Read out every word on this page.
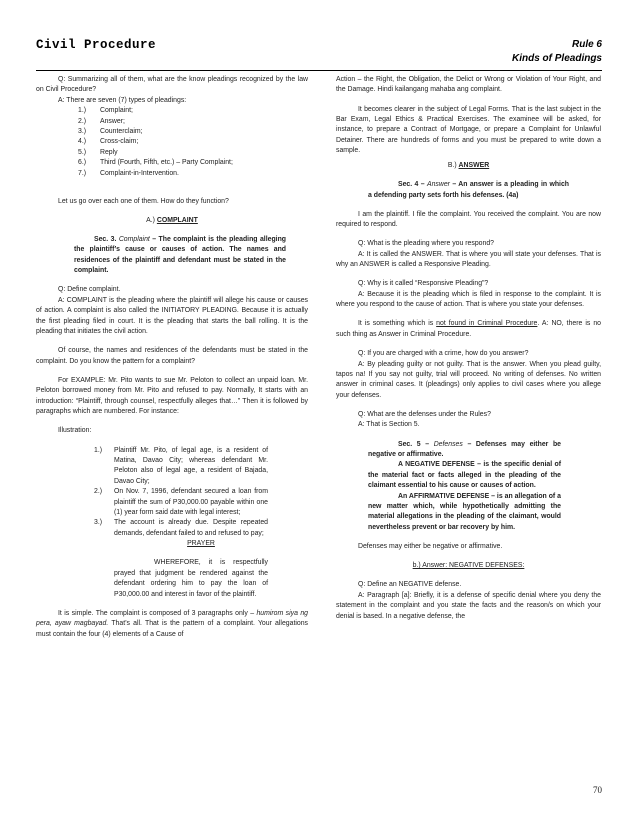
Civil Procedure	Rule 6
Kinds of Pleadings

Q: Summarizing all of them, what are the know pleadings recognized by the law on Civil Procedure?

A: There are seven (7) types of pleadings:

1.)	Complaint;
2.)	Answer;
3.)	Counterclaim;
4.)	Cross-claim;
5.)	Reply
6.)	Third (Fourth, Fifth, etc.) – Party Complaint;
7.)	Complaint-in-Intervention.

Let us go over each one of them. How do they function?

A.) COMPLAINT

Sec. 3. Complaint – The complaint is the pleading alleging the plaintiff’s cause or causes of action. The names and residences of the plaintiff and defendant must be stated in the complaint.

Q: Define complaint.

A: COMPLAINT is the pleading where the plaintiff will allege his cause or causes of action. A complaint is also called the INITIATORY PLEADING. Because it is actually the first pleading filed in court. It is the pleading that starts the ball rolling. It is the pleading that initiates the civil action.

Of course, the names and residences of the defendants must be stated in the complaint. Do you know the pattern for a complaint?

For EXAMPLE: Mr. Pito wants to sue Mr. Peloton to collect an unpaid loan. Mr. Peloton borrowed money from Mr. Pito and refused to pay. Normally, It starts with an introduction: “Plaintiff, through counsel, respectfully alleges that…” Then it is followed by paragraphs which are numbered. For instance:

Illustration:

1.)	Plaintiff Mr. Pito, of legal age, is a resident of Matina, Davao City; whereas defendant Mr. Peloton also of legal age, a resident of Bajada, Davao City;
2.)	On Nov. 7, 1996, defendant secured a loan from plaintiff the sum of P30,000.00 payable within one (1) year form said date with legal interest;
3.)	The account is already due. Despite repeated demands, defendant failed to and refused to pay;

PRAYER

WHEREFORE, it is respectfully prayed that judgment be rendered against the defendant ordering him to pay the loan of P30,000.00 and interest in favor of the plaintiff.

It is simple. The complaint is composed of 3 paragraphs only – humirom siya ng pera, ayaw magbayad. That’s all. That is the pattern of a complaint. Your allegations must contain the four (4) elements of a Cause of

Action – the Right, the Obligation, the Delict or Wrong or Violation of Your Right, and the Damage. Hindi kailangang mahaba ang complaint.

It becomes clearer in the subject of Legal Forms. That is the last subject in the Bar Exam, Legal Ethics & Practical Exercises. The examinee will be asked, for instance, to prepare a Contract of Mortgage, or prepare a Complaint for Unlawful Detainer. There are hundreds of forms and you must be prepared to write down a sample.

B.) ANSWER

Sec. 4 – Answer – An answer is a pleading in which a defending party sets forth his defenses. (4a)

I am the plaintiff. I file the complaint. You received the complaint. You are now required to respond.

Q: What is the pleading where you respond?

A: It is called the ANSWER. That is where you will state your defenses. That is why an ANSWER is called a Responsive Pleading.

Q: Why is it called “Responsive Pleading”?

A: Because it is the pleading which is filed in response to the complaint. It is where you respond to the cause of action. That is where you state your defenses.

It is something which is not found in Criminal Procedure. A: NO, there is no such thing as Answer in Criminal Procedure.

Q: If you are charged with a crime, how do you answer?

A: By pleading guilty or not guilty. That is the answer. When you plead guilty, tapos na! If you say not guilty, trial will proceed. No writing of defenses. No written answer in criminal cases. It (pleadings) only applies to civil cases where you allege your defenses.

Q: What are the defenses under the Rules?

A: That is Section 5.

Sec. 5 – Defenses – Defenses may either be negative or affirmative.

A NEGATIVE DEFENSE – is the specific denial of the material fact or facts alleged in the pleading of the claimant essential to his cause or causes of action.

An AFFIRMATIVE DEFENSE – is an allegation of a new matter which, while hypothetically admitting the material allegations in the pleading of the claimant, would nevertheless prevent or bar recovery by him.

Defenses may either be negative or affirmative.

b.) Answer: NEGATIVE DEFENSES:

Q: Define an NEGATIVE defense.

A: Paragraph [a]: Briefly, it is a defense of specific denial where you deny the statement in the complaint and you state the facts and the reason/s on which your denial is based. In a negative defense, the

70
